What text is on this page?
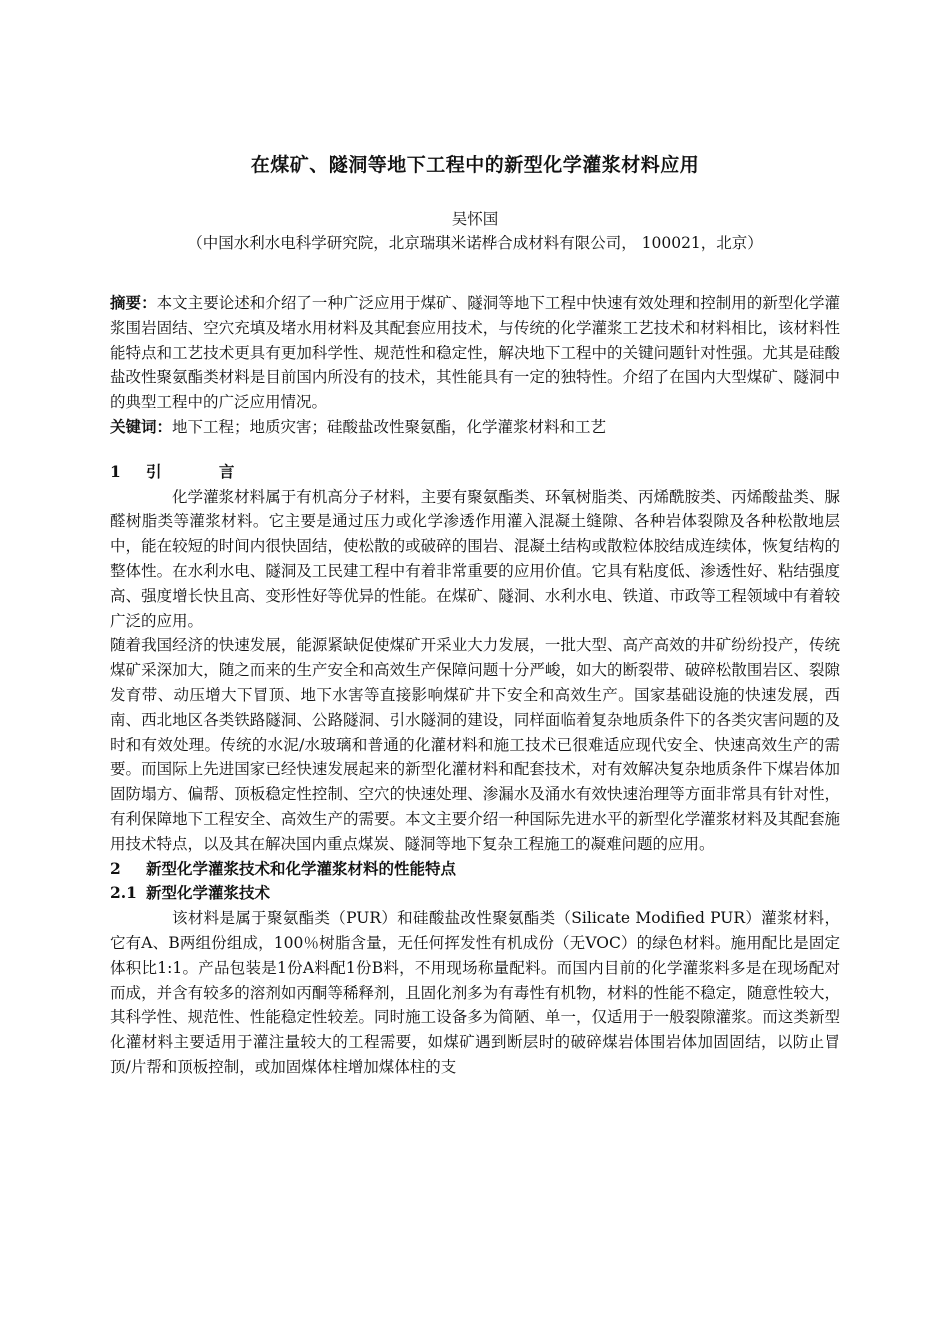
在煤矿、隧洞等地下工程中的新型化学灌浆材料应用

吴怀国

（中国水利水电科学研究院，北京瑞琪米诺桦合成材料有限公司， 100021，北京）

摘要：本文主要论述和介绍了一种广泛应用于煤矿、隧洞等地下工程中快速有效处理和控制用的新型化学灌浆围岩固结、空穴充填及堵水用材料及其配套应用技术，与传统的化学灌浆工艺技术和材料相比，该材料性能特点和工艺技术更具有更加科学性、规范性和稳定性，解决地下工程中的关键问题针对性强。尤其是硅酸盐改性聚氨酯类材料是目前国内所没有的技术，其性能具有一定的独特性。介绍了在国内大型煤矿、隧洞中的典型工程中的广泛应用情况。

关键词：地下工程；地质灾害；硅酸盐改性聚氨酯，化学灌浆材料和工艺

1 引 言

化学灌浆材料属于有机高分子材料，主要有聚氨酯类、环氧树脂类、丙烯酰胺类、丙烯酸盐类、脲醛树脂类等灌浆材料。它主要是通过压力或化学渗透作用灌入混凝土缝隙、各种岩体裂隙及各种松散地层中，能在较短的时间内很快固结，使松散的或破碎的围岩、混凝土结构或散粒体胶结成连续体，恢复结构的整体性。在水利水电、隧洞及工民建工程中有着非常重要的应用价值。它具有粘度低、渗透性好、粘结强度高、强度增长快且高、变形性好等优异的性能。在煤矿、隧洞、水利水电、铁道、市政等工程领域中有着较广泛的应用。

随着我国经济的快速发展，能源紧缺促使煤矿开采业大力发展，一批大型、高产高效的井矿纷纷投产，传统煤矿采深加大，随之而来的生产安全和高效生产保障问题十分严峻，如大的断裂带、破碎松散围岩区、裂隙发育带、动压增大下冒顶、地下水害等直接影响煤矿井下安全和高效生产。国家基础设施的快速发展，西南、西北地区各类铁路隧洞、公路隧洞、引水隧洞的建设，同样面临着复杂地质条件下的各类灾害问题的及时和有效处理。传统的水泥/水玻璃和普通的化灌材料和施工技术已很难适应现代安全、快速高效生产的需要。而国际上先进国家已经快速发展起来的新型化灌材料和配套技术，对有效解决复杂地质条件下煤岩体加固防塌方、偏帮、顶板稳定性控制、空穴的快速处理、渗漏水及涌水有效快速治理等方面非常具有针对性，有利保障地下工程安全、高效生产的需要。本文主要介绍一种国际先进水平的新型化学灌浆材料及其配套施用技术特点，以及其在解决国内重点煤炭、隧洞等地下复杂工程施工的凝难问题的应用。

2 新型化学灌浆技术和化学灌浆材料的性能特点
2.1 新型化学灌浆技术

该材料是属于聚氨酯类（PUR）和硅酸盐改性聚氨酯类（Silicate Modified PUR）灌浆材料，它有A、B两组份组成，100％树脂含量，无任何挥发性有机成份（无VOC）的绿色材料。施用配比是固定体积比1:1。产品包装是1份A料配1份B料，不用现场称量配料。而国内目前的化学灌浆料多是在现场配对而成，并含有较多的溶剂如丙酮等稀释剂，且固化剂多为有毒性有机物，材料的性能不稳定，随意性较大，其科学性、规范性、性能稳定性较差。同时施工设备多为简陋、单一，仅适用于一般裂隙灌浆。而这类新型化灌材料主要适用于灌注量较大的工程需要，如煤矿遇到断层时的破碎煤岩体围岩体加固固结，以防止冒顶/片帮和顶板控制，或加固煤体柱增加煤体柱的支
